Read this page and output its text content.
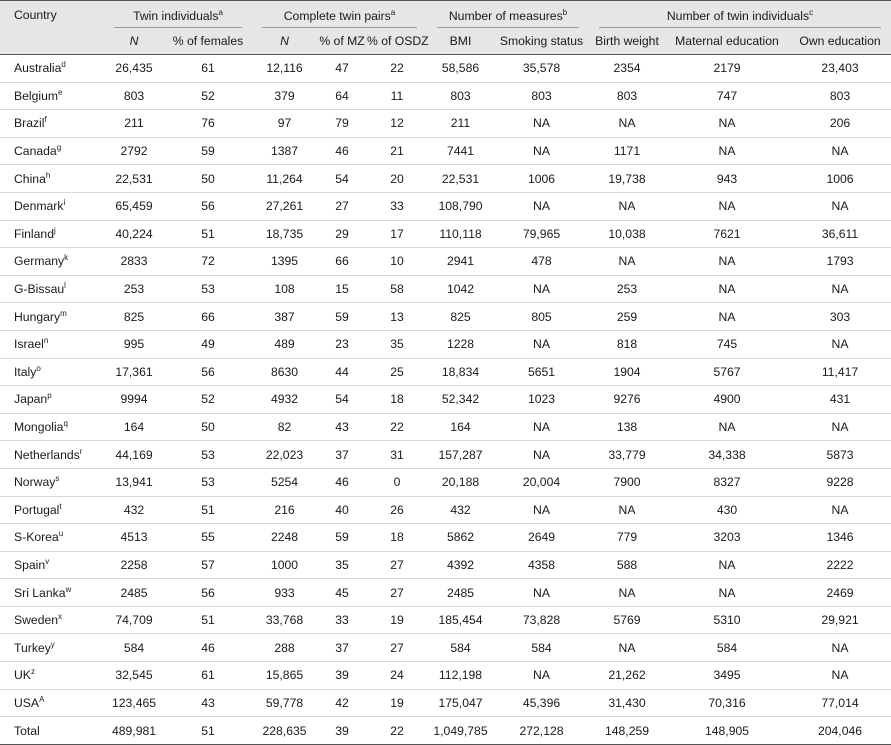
Country	Twin individuals$^a$		Complete twin pairs$^a$			Number of measures$^b$		Number of twin individuals$^c$

	N	% of females	N	% of MZ	% of OSDZ	BMI	Smoking status	Birth weight	Maternal education	Own education
Australia$^d$	26,435	61	12,116	47	22	58,586	35,578	2354	2179	23,403
Belgium$^e$	803	52	379	64	11	803	803	803	747	803
Brazil$^f$	211	76	97	79	12	211	NA	NA	NA	206
Canada$^g$	2792	59	1387	46	21	7441	NA	1171	NA	NA
China$^h$	22,531	50	11,264	54	20	22,531	1006	19,738	943	1006
Denmark$^i$	65,459	56	27,261	27	33	108,790	NA	NA	NA	NA
Finland$^j$	40,224	51	18,735	29	17	110,118	79,965	10,038	7621	36,611
Germany$^k$	2833	72	1395	66	10	2941	478	NA	NA	1793
G-Bissau$^l$	253	53	108	15	58	1042	NA	253	NA	NA
Hungary$^m$	825	66	387	59	13	825	805	259	NA	303
Israel$^n$	995	49	489	23	35	1228	NA	818	745	NA
Italy$^o$	17,361	56	8630	44	25	18,834	5651	1904	5767	11,417
Japan$^p$	9994	52	4932	54	18	52,342	1023	9276	4900	431
Mongolia$^q$	164	50	82	43	22	164	NA	138	NA	NA
Netherlands$^r$	44,169	53	22,023	37	31	157,287	NA	33,779	34,338	5873
Norway$^s$	13,941	53	5254	46	0	20,188	20,004	7900	8327	9228
Portugal$^t$	432	51	216	40	26	432	NA	NA	430	NA
S-Korea$^u$	4513	55	2248	59	18	5862	2649	779	3203	1346
Spain$^v$	2258	57	1000	35	27	4392	4358	588	NA	2222
Sri Lanka$^w$	2485	56	933	45	27	2485	NA	NA	NA	2469
Sweden$^x$	74,709	51	33,768	33	19	185,454	73,828	5769	5310	29,921
Turkey$^y$	584	46	288	37	27	584	584	NA	584	NA
$UK^z$	32,545	61	15,865	39	24	112,198	NA	21,262	3495	NA
$USA^A$	123,465	43	59,778	42	19	175,047	45,396	31,430	70,316	77,014
Total	489,981	51	228,635	39	22	1,049,785	272,128	148,259	148,905	204,046
